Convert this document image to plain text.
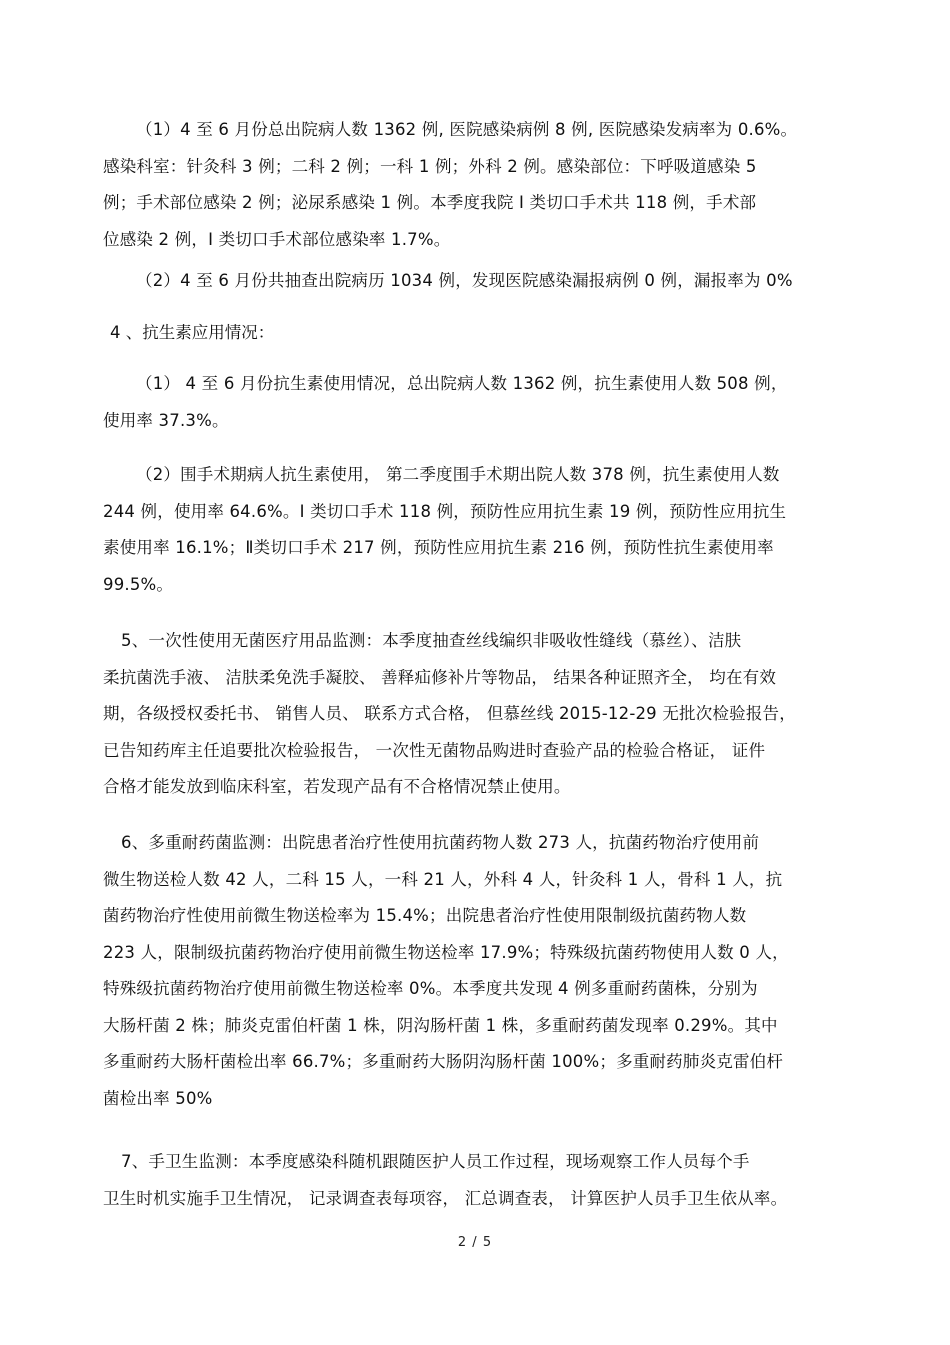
（1）4 至 6 月份总出院病人数 1362 例, 医院感染病例 8 例, 医院感染发病率为 0.6%。
感染科室：针灸科 3 例；二科 2 例；一科 1 例；外科 2 例。感染部位：下呼吸道感染 5
例；手术部位感染 2 例；泌尿系感染 1 例。本季度我院 Ⅰ 类切口手术共 118 例，手术部
位感染 2 例，Ⅰ 类切口手术部位感染率 1.7%。
（2）4 至 6 月份共抽查出院病历 1034 例，发现医院感染漏报病例 0 例，漏报率为 0%
4 、抗生素应用情况：
（1） 4 至 6 月份抗生素使用情况，总出院病人数 1362 例，抗生素使用人数 508 例，
使用率 37.3%。
（2）围手术期病人抗生素使用， 第二季度围手术期出院人数 378 例，抗生素使用人数
244 例，使用率 64.6%。Ⅰ 类切口手术 118 例，预防性应用抗生素 19 例，预防性应用抗生
素使用率 16.1%；Ⅱ类切口手术 217 例，预防性应用抗生素 216 例，预防性抗生素使用率
99.5%。
5、一次性使用无菌医疗用品监测：本季度抽查丝线编织非吸收性缝线（慕丝）、洁肤
柔抗菌洗手液、 洁肤柔免洗手凝胶、 善释疝修补片等物品， 结果各种证照齐全， 均在有效
期，各级授权委托书、 销售人员、 联系方式合格， 但慕丝线 2015-12-29 无批次检验报告，
已告知药库主任追要批次检验报告， 一次性无菌物品购进时查验产品的检验合格证， 证件
合格才能发放到临床科室，若发现产品有不合格情况禁止使用。
6、多重耐药菌监测：出院患者治疗性使用抗菌药物人数 273 人，抗菌药物治疗使用前
微生物送检人数 42 人，二科 15 人，一科 21 人，外科 4 人，针灸科 1 人，骨科 1 人，抗
菌药物治疗性使用前微生物送检率为 15.4%；出院患者治疗性使用限制级抗菌药物人数
223 人，限制级抗菌药物治疗使用前微生物送检率 17.9%；特殊级抗菌药物使用人数 0 人，
特殊级抗菌药物治疗使用前微生物送检率 0%。本季度共发现 4 例多重耐药菌株，分别为
大肠杆菌 2 株；肺炎克雷伯杆菌 1 株，阴沟肠杆菌 1 株，多重耐药菌发现率 0.29%。其中
多重耐药大肠杆菌检出率 66.7%；多重耐药大肠阴沟肠杆菌 100%；多重耐药肺炎克雷伯杆
菌检出率 50%
7、手卫生监测：本季度感染科随机跟随医护人员工作过程，现场观察工作人员每个手
卫生时机实施手卫生情况， 记录调查表每项容， 汇总调查表， 计算医护人员手卫生依从率。
2 / 5
